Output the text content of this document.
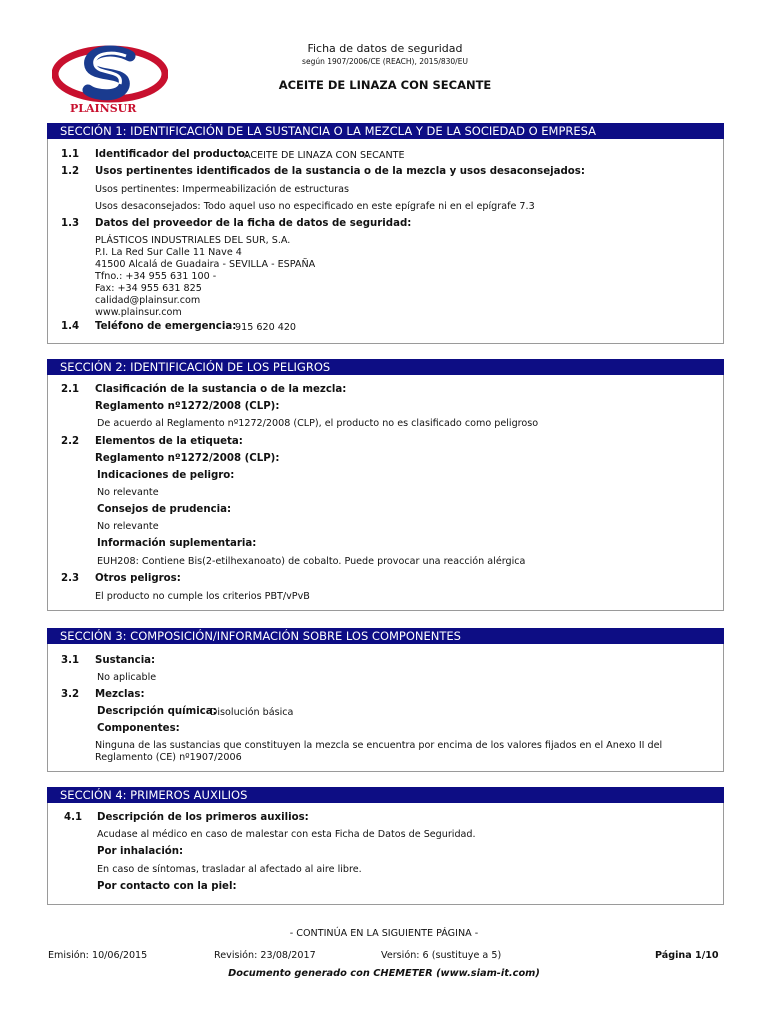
PLAINSUR
Ficha de datos de seguridad
según 1907/2006/CE (REACH), 2015/830/EU
ACEITE DE LINAZA CON SECANTE
SECCIÓN 1: IDENTIFICACIÓN DE LA SUSTANCIA O LA MEZCLA Y DE LA SOCIEDAD O EMPRESA
1.1 Identificador del producto:
ACEITE DE LINAZA CON SECANTE
1.2 Usos pertinentes identificados de la sustancia o de la mezcla y usos desaconsejados:
Usos pertinentes: Impermeabilización de estructuras
Usos desaconsejados: Todo aquel uso no especificado en este epígrafe ni en el epígrafe 7.3
1.3 Datos del proveedor de la ficha de datos de seguridad:
PLÁSTICOS INDUSTRIALES DEL SUR, S.A.
P.I. La Red Sur Calle 11 Nave 4
41500 Alcalá de Guadaira - SEVILLA - ESPAÑA
Tfno.: +34 955 631 100 -
Fax: +34 955 631 825
calidad@plainsur.com
www.plainsur.com
1.4 Teléfono de emergencia:
915 620 420
SECCIÓN 2: IDENTIFICACIÓN DE LOS PELIGROS
2.1 Clasificación de la sustancia o de la mezcla:
Reglamento nº1272/2008 (CLP):
De acuerdo al Reglamento nº1272/2008 (CLP), el producto no es clasificado como peligroso
2.2 Elementos de la etiqueta:
Reglamento nº1272/2008 (CLP):
Indicaciones de peligro:
No relevante
Consejos de prudencia:
No relevante
Información suplementaria:
EUH208: Contiene Bis(2-etilhexanoato) de cobalto. Puede provocar una reacción alérgica
2.3 Otros peligros:
El producto no cumple los criterios PBT/vPvB
SECCIÓN 3: COMPOSICIÓN/INFORMACIÓN SOBRE LOS COMPONENTES
3.1 Sustancia:
No aplicable
3.2 Mezclas:
Descripción química:
Disolución básica
Componentes:
Ninguna de las sustancias que constituyen la mezcla se encuentra por encima de los valores fijados en el Anexo II del
Reglamento (CE) nº1907/2006
SECCIÓN 4: PRIMEROS AUXILIOS
4.1 Descripción de los primeros auxilios:
Acudase al médico en caso de malestar con esta Ficha de Datos de Seguridad.
Por inhalación:
En caso de síntomas, trasladar al afectado al aire libre.
Por contacto con la piel:
- CONTINÚA EN LA SIGUIENTE PÁGINA -
Emisión: 10/06/2015	Revisión: 23/08/2017	Versión: 6 (sustituye a 5)	Página 1/10
Documento generado con CHEMETER (www.siam-it.com)
